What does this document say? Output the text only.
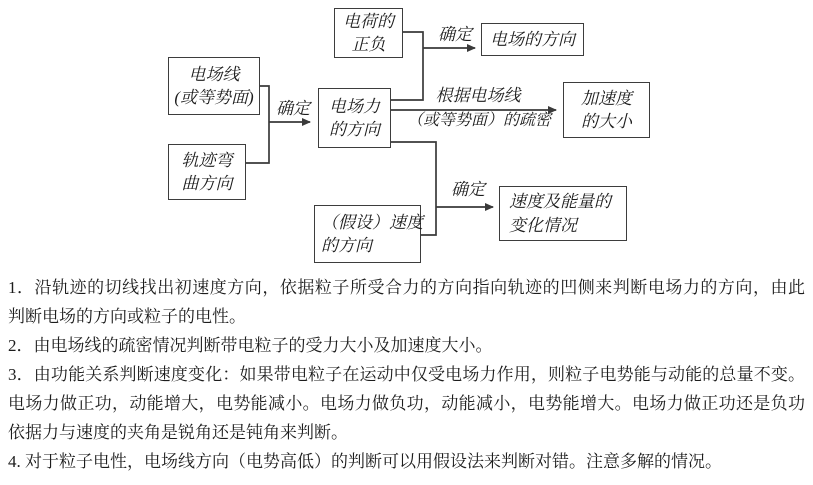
电荷的
正负
电场线
(或等势面)
轨迹弯
曲方向
电场力
的方向
电场的方向
加速度
的大小
（假设）速度
的方向
速度及能量的
变化情况
确定
确定
根据电场线
（或等势面）的疏密
确定
1．沿轨迹的切线找出初速度方向，依据粒子所受合力的方向指向轨迹的凹侧来判断电场力的方向，由此
判断电场的方向或粒子的电性。
2．由电场线的疏密情况判断带电粒子的受力大小及加速度大小。
3．由功能关系判断速度变化：如果带电粒子在运动中仅受电场力作用，则粒子电势能与动能的总量不变。
电场力做正功，动能增大，电势能减小。电场力做负功，动能减小，电势能增大。电场力做正功还是负功
依据力与速度的夹角是锐角还是钝角来判断。
4. 对于粒子电性，电场线方向（电势高低）的判断可以用假设法来判断对错。注意多解的情况。
